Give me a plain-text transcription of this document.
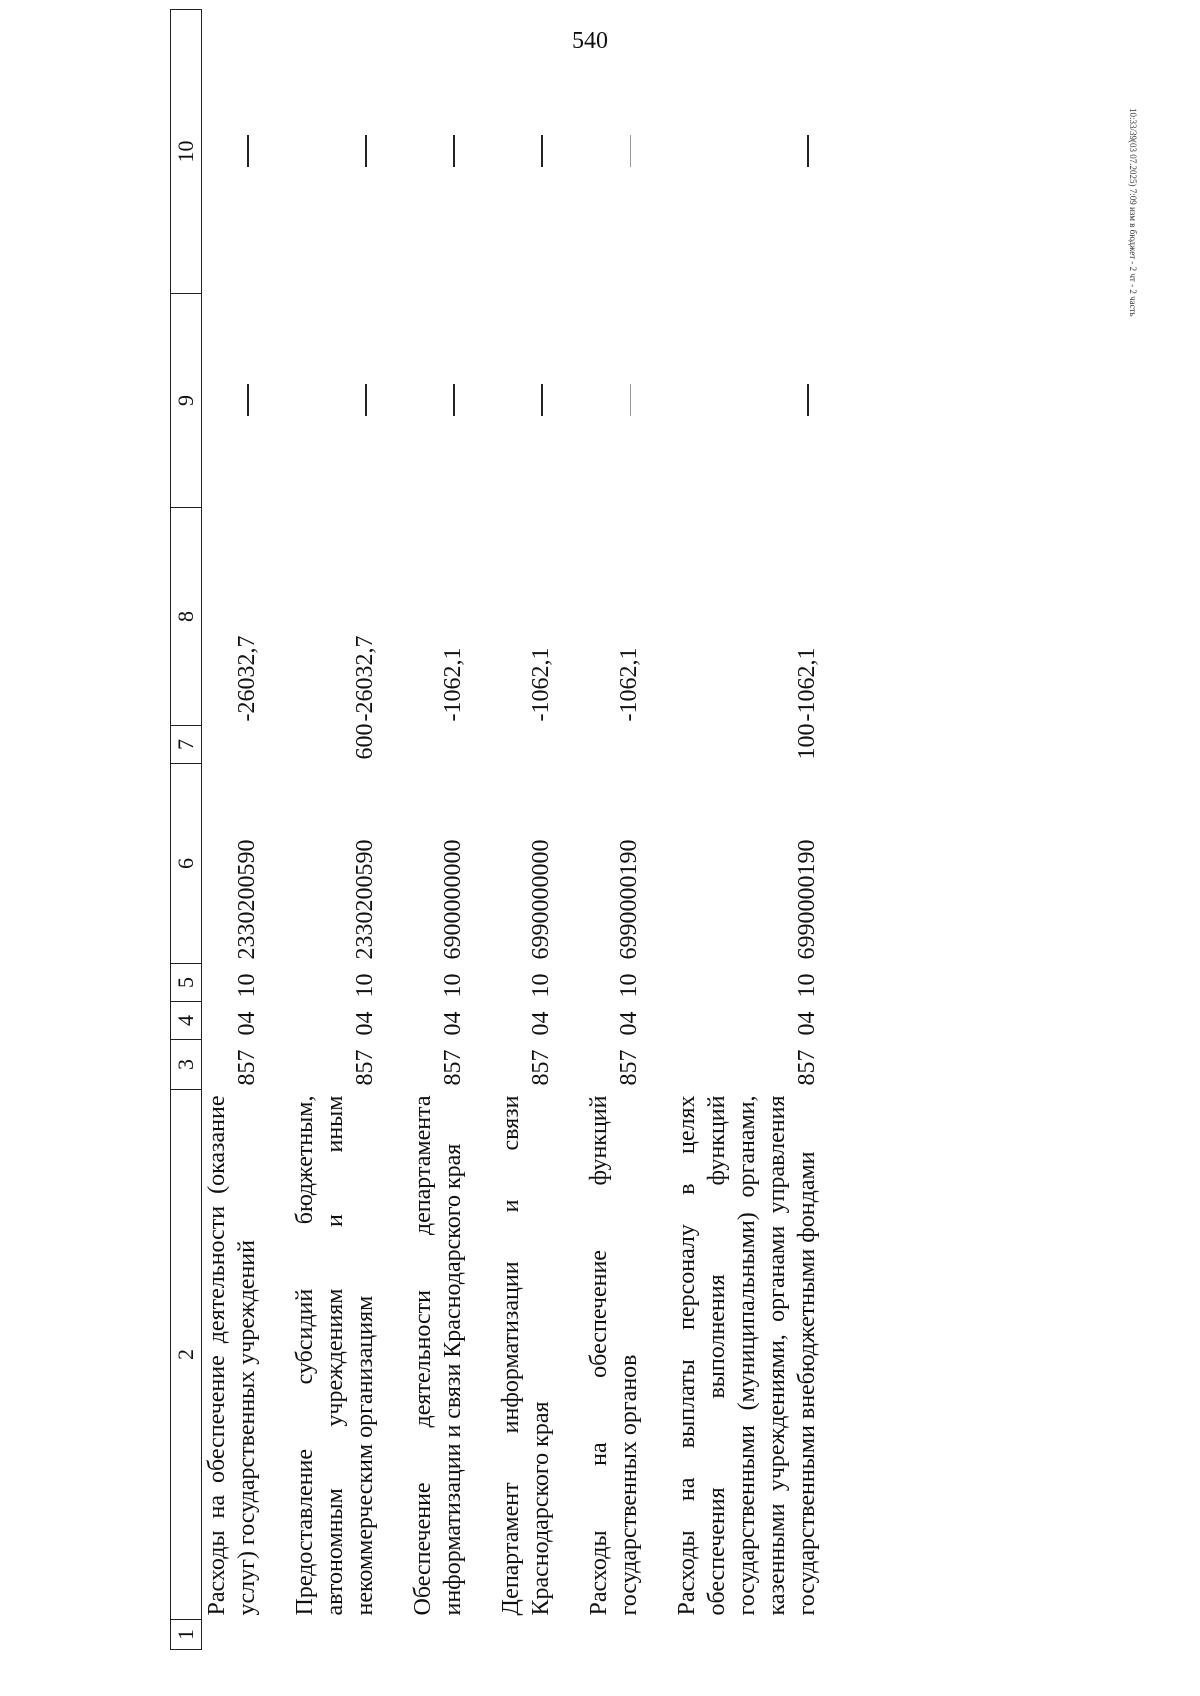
540
10:33/39(03 07.2025) 7:09 изм в бюджет - 2 чт - 2 часть
1	2	3	4	5	6	7	8	9	10
	Расходы на обеспечение деятельности (оказание услуг) государственных учреждений	857	04	10	2330200590		-26032,7		

	Предоставление субсидий бюджетным, автономным учреждениям и иным некоммерческим организациям	857	04	10	2330200590	600	-26032,7		

	Обеспечение деятельности департамента информатизации и связи Краснодарского края	857	04	10	6900000000		-1062,1		

	Департамент информатизации и связи Краснодарского края	857	04	10	6990000000		-1062,1		

	Расходы на обеспечение функций государственных органов	857	04	10	6990000190		-1062,1		

	Расходы на выплаты персоналу в целях обеспечения выполнения функций государственными (муниципальными) органами, казенными учреждениями, органами управления государственными внебюджетными фондами	857	04	10	6990000190	100	-1062,1		
